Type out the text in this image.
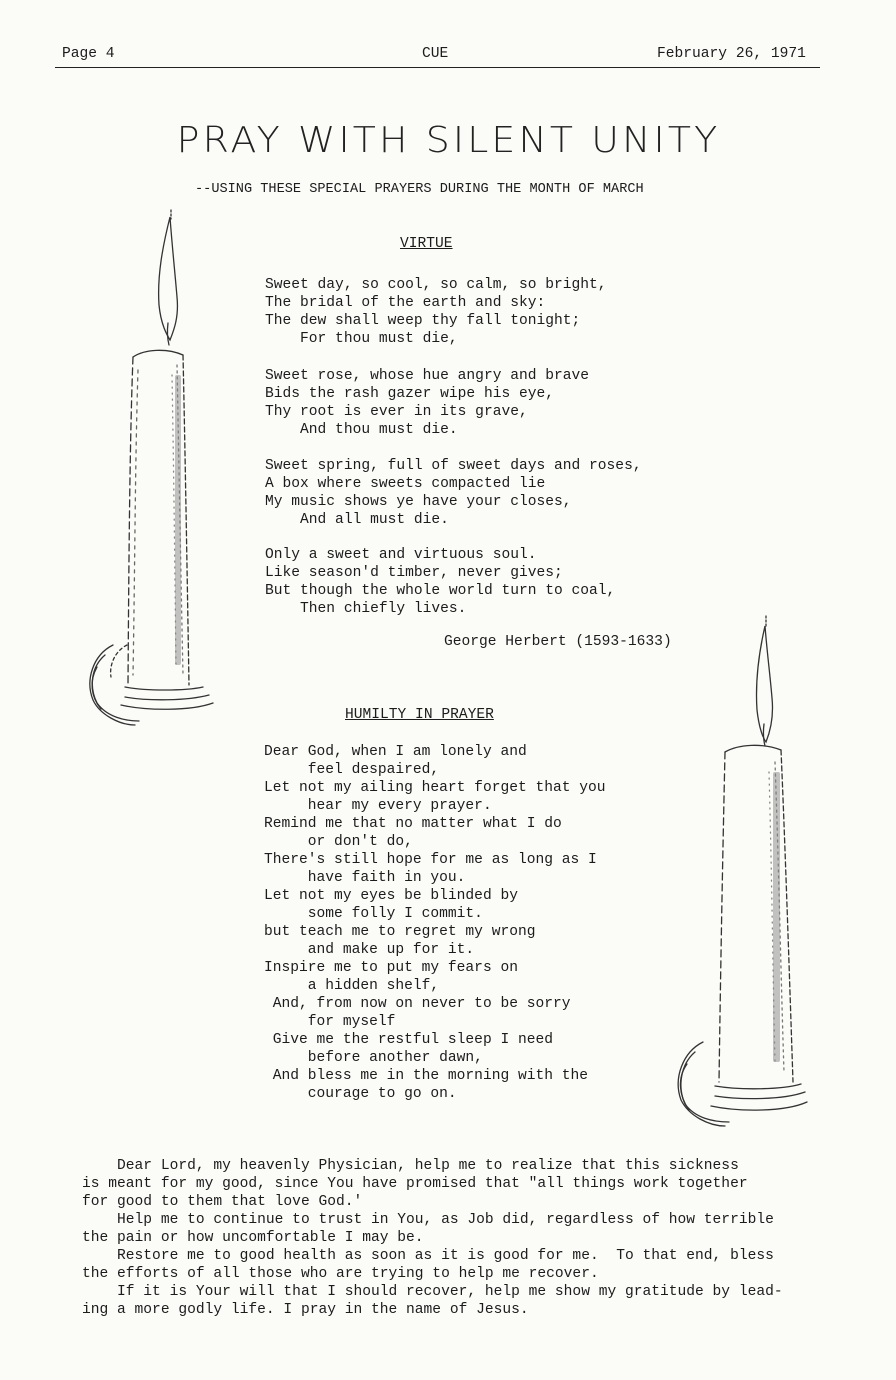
Page 4	CUE	February 26, 1971
PRAY WITH SILENT UNITY
--USING THESE SPECIAL PRAYERS DURING THE MONTH OF MARCH
VIRTUE
Sweet day, so cool, so calm, so bright,
The bridal of the earth and sky:
The dew shall weep thy fall tonight;
For thou must die,
Sweet rose, whose hue angry and brave
Bids the rash gazer wipe his eye,
Thy root is ever in its grave,
And thou must die.
Sweet spring, full of sweet days and roses,
A box where sweets compacted lie
My music shows ye have your closes,
And all must die.
Only a sweet and virtuous soul.
Like season'd timber, never gives;
But though the whole world turn to coal,
Then chiefly lives.
George Herbert (1593-1633)
HUMILTY IN PRAYER
Dear God, when I am lonely and
feel despaired,
Let not my ailing heart forget that you
hear my every prayer.
Remind me that no matter what I do
or don't do,
There's still hope for me as long as I
have faith in you.
Let not my eyes be blinded by
some folly I commit.
but teach me to regret my wrong
and make up for it.
Inspire me to put my fears on
a hidden shelf,
And, from now on never to be sorry
for myself
Give me the restful sleep I need
before another dawn,
And bless me in the morning with the
courage to go on.
Dear Lord, my heavenly Physician, help me to realize that this sickness
is meant for my good, since You have promised that "all things work together
for good to them that love God.'
Help me to continue to trust in You, as Job did, regardless of how terrible
the pain or how uncomfortable I may be.
Restore me to good health as soon as it is good for me.  To that end, bless
the efforts of all those who are trying to help me recover.
If it is Your will that I should recover, help me show my gratitude by lead-
ing a more godly life. I pray in the name of Jesus.
